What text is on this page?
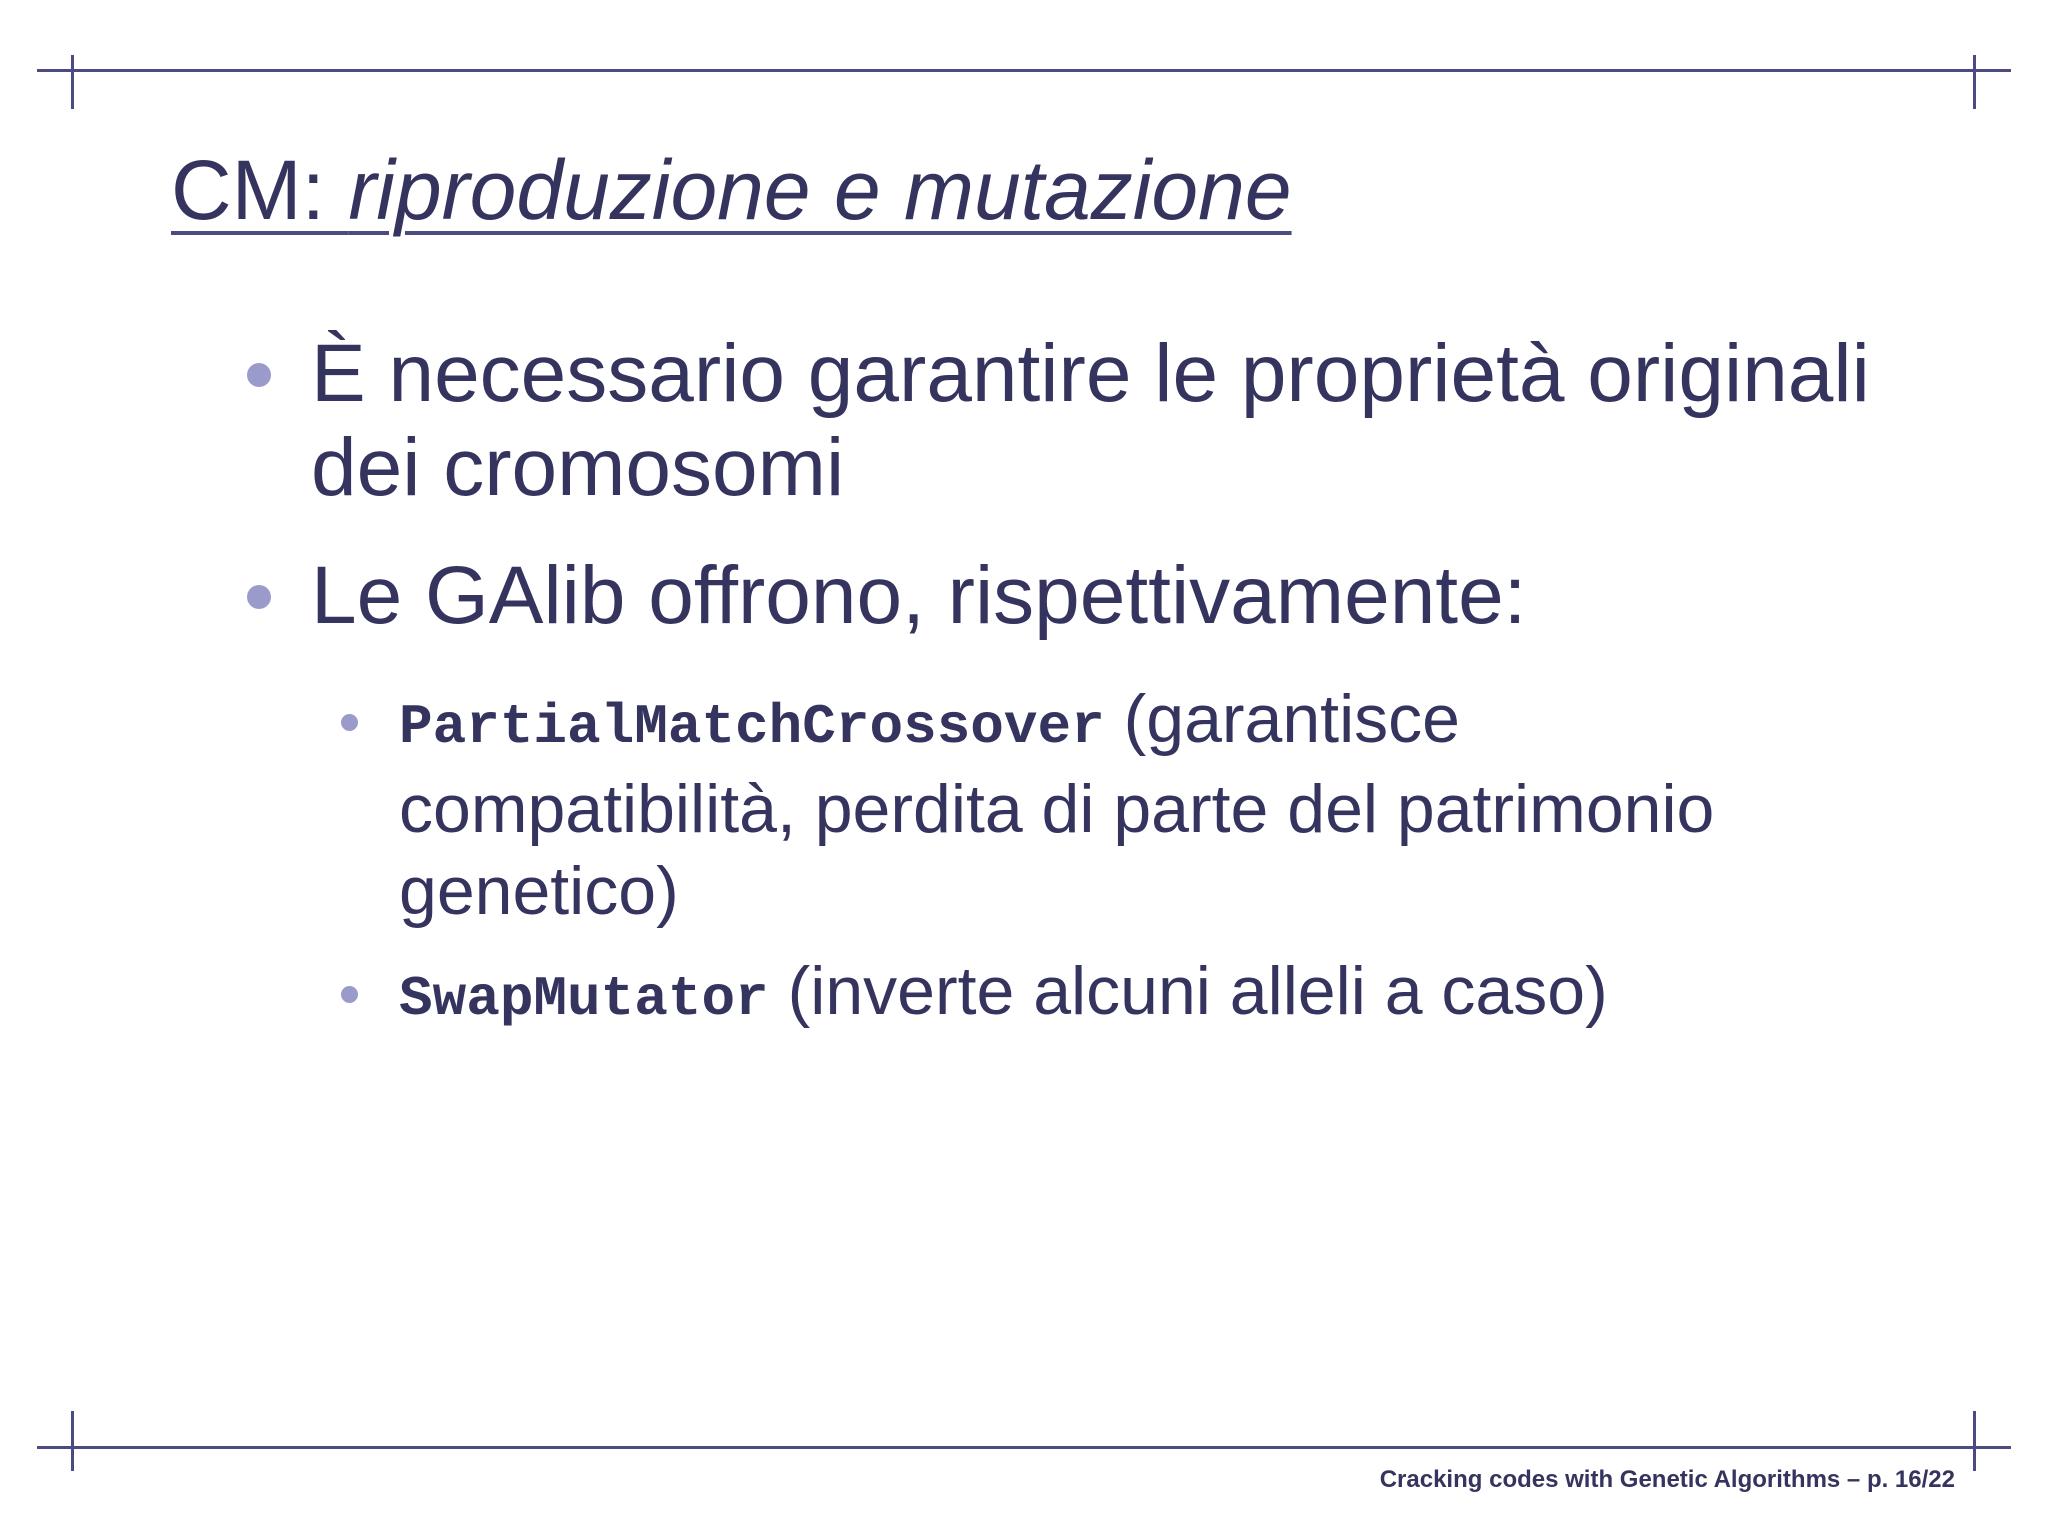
CM: riproduzione e mutazione
È necessario garantire le proprietà originali dei cromosomi
Le GAlib offrono, rispettivamente:
PartialMatchCrossover (garantisce compatibilità, perdita di parte del patrimonio genetico)
SwapMutator (inverte alcuni alleli a caso)
Cracking codes with Genetic Algorithms – p. 16/22
